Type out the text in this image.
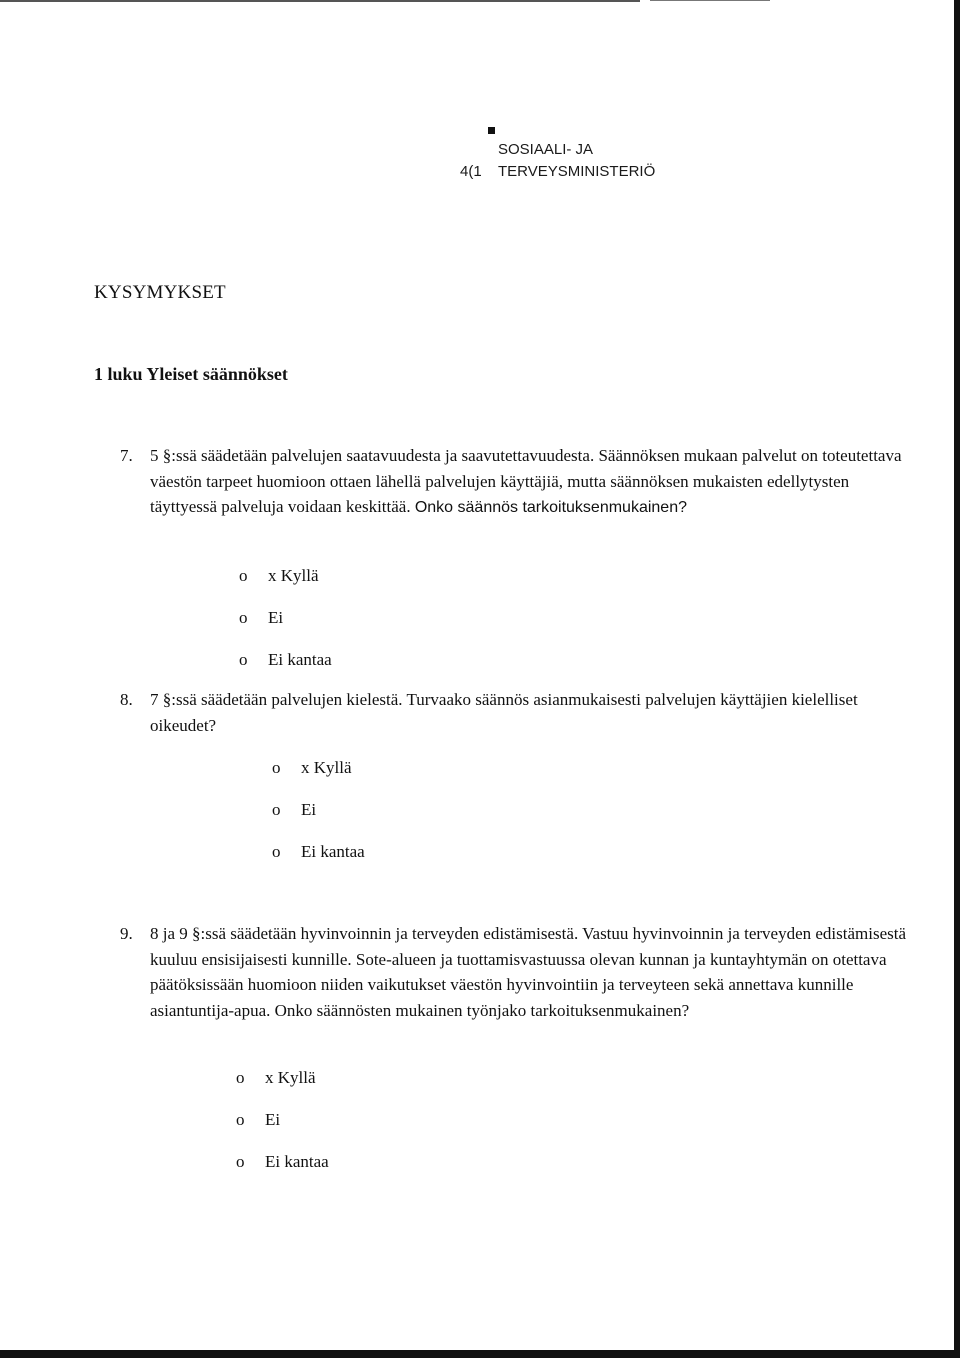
SOSIAALI- JA
4(1 TERVEYSMINISTERIÖ
KYSYMYKSET
1 luku Yleiset säännökset
7. 5 §:ssä säädetään palvelujen saatavuudesta ja saavutettavuudesta. Säännöksen mukaan palvelut on toteutettava väestön tarpeet huomioon ottaen lähellä palvelujen käyttäjiä, mutta säännöksen mukaisten edellytysten täyttyessä palveluja voidaan keskittää. Onko säännös tarkoituksenmukainen?
o x Kyllä
o Ei
o Ei kantaa
8. 7 §:ssä säädetään palvelujen kielestä. Turvaako säännös asianmukaisesti palvelujen käyttäjien kielelliset oikeudet?
o x Kyllä
o Ei
o Ei kantaa
9. 8 ja 9 §:ssä säädetään hyvinvoinnin ja terveyden edistämisestä. Vastuu hyvinvoinnin ja terveyden edistämisestä kuuluu ensisijaisesti kunnille. Sote-alueen ja tuottamisvastuussa olevan kunnan ja kuntayhtymän on otettava päätöksissään huomioon niiden vaikutukset väestön hyvinvointiin ja terveyteen sekä annettava kunnille asiantuntija-apua. Onko säännösten mukainen työnjako tarkoituksenmukainen?
o x Kyllä
o Ei
o Ei kantaa
